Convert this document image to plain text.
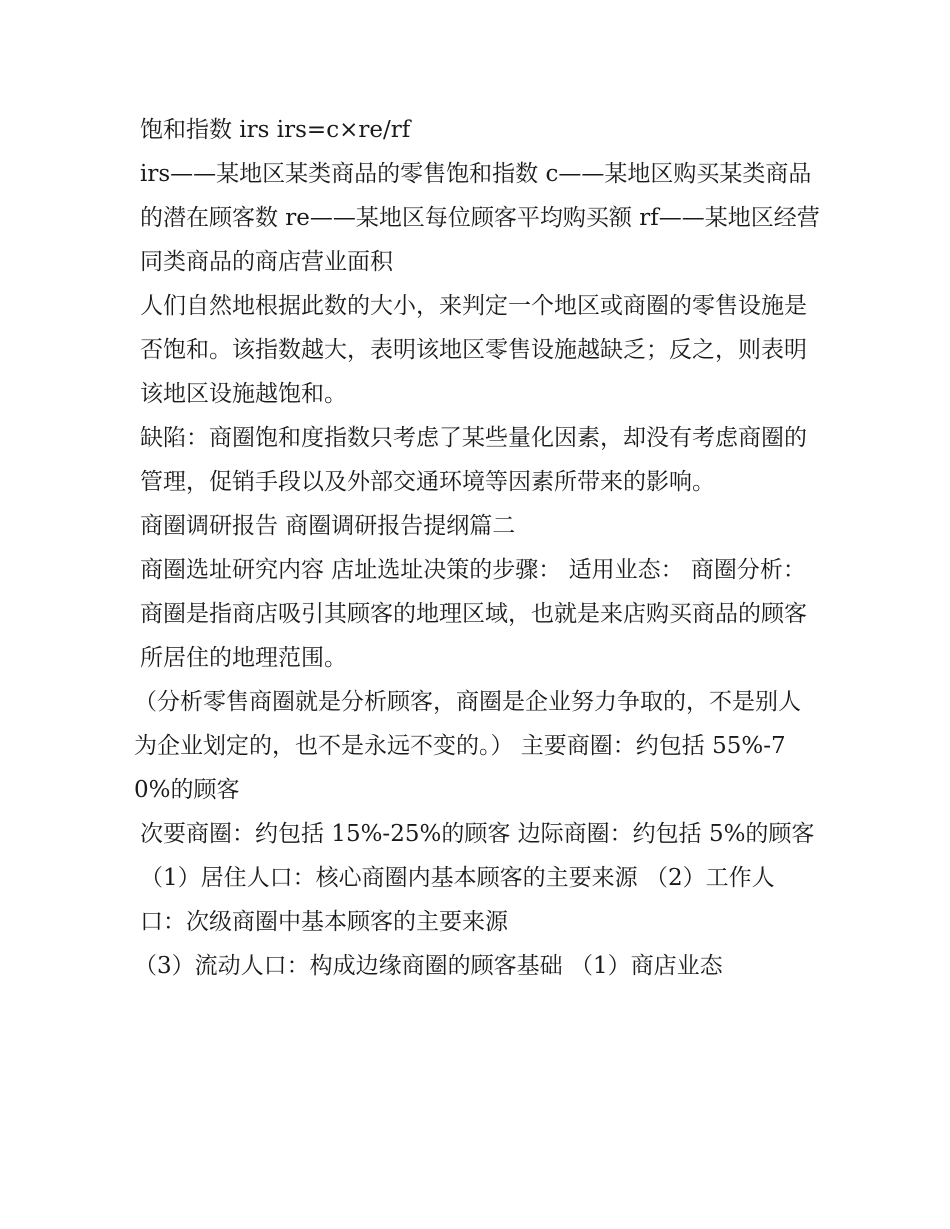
饱和指数 irs irs=c×re/rf

irs——某地区某类商品的零售饱和指数 c——某地区购买某类商品的潜在顾客数 re——某地区每位顾客平均购买额 rf——某地区经营同类商品的商店营业面积

人们自然地根据此数的大小，来判定一个地区或商圈的零售设施是否饱和。该指数越大，表明该地区零售设施越缺乏；反之，则表明该地区设施越饱和。

缺陷：商圈饱和度指数只考虑了某些量化因素，却没有考虑商圈的管理，促销手段以及外部交通环境等因素所带来的影响。

商圈调研报告 商圈调研报告提纲篇二

商圈选址研究内容 店址选址决策的步骤： 适用业态： 商圈分析： 商圈是指商店吸引其顾客的地理区域，也就是来店购买商品的顾客所居住的地理范围。

（分析零售商圈就是分析顾客，商圈是企业努力争取的，不是别人为企业划定的，也不是永远不变的。） 主要商圈：约包括 55%-70%的顾客

次要商圈：约包括 15%-25%的顾客 边际商圈：约包括 5%的顾客 （1）居住人口：核心商圈内基本顾客的主要来源 （2）工作人口：次级商圈中基本顾客的主要来源

（3）流动人口：构成边缘商圈的顾客基础 （1）商店业态
